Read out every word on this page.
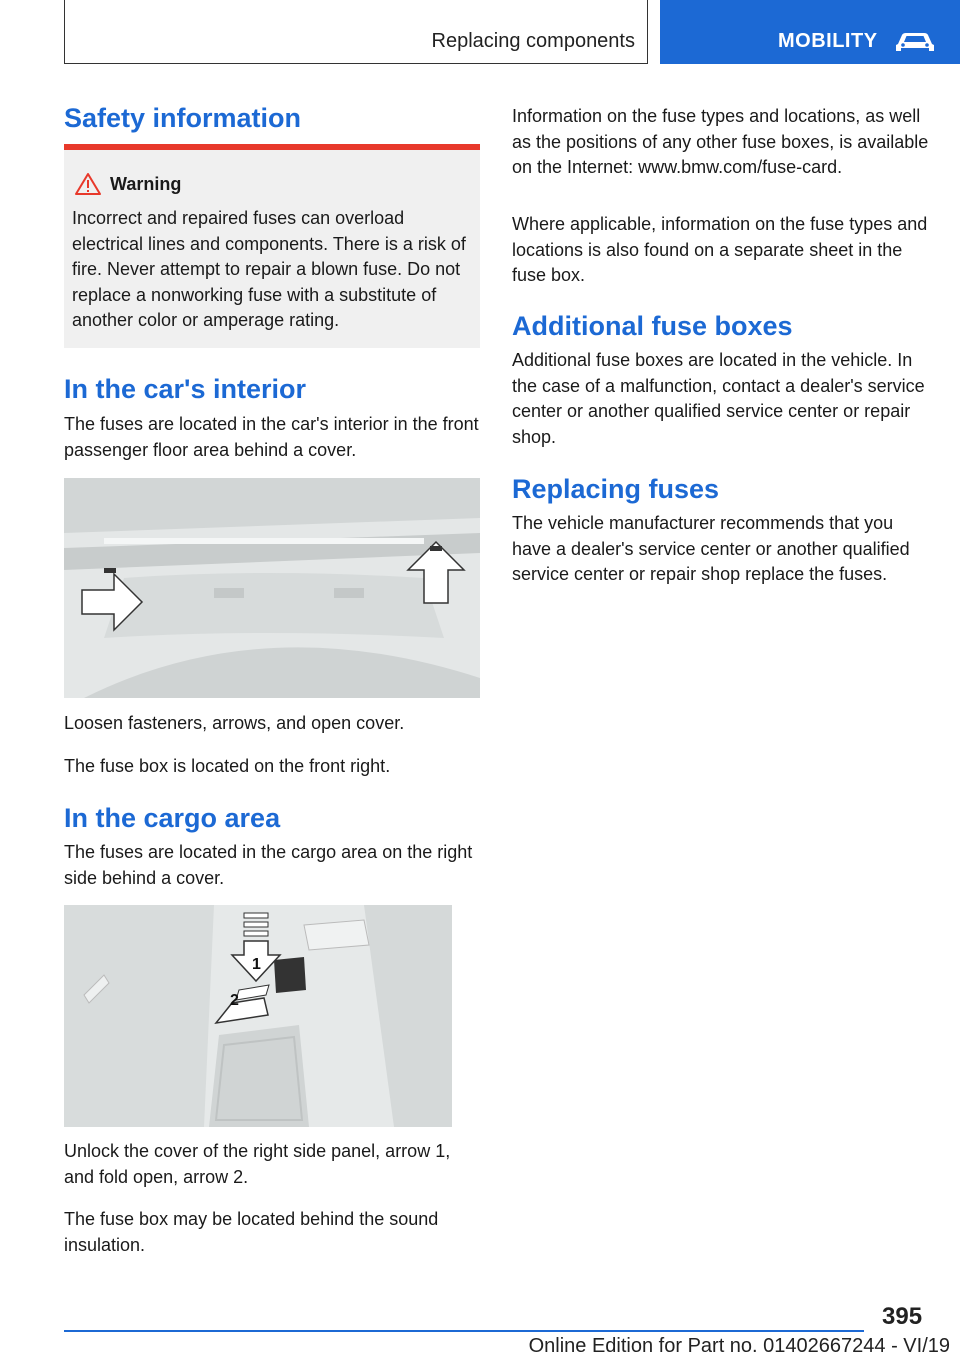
Replacing components	MOBILITY
Safety information
Warning
Incorrect and repaired fuses can overload electrical lines and components. There is a risk of fire. Never attempt to repair a blown fuse. Do not replace a nonworking fuse with a substitute of another color or amperage rating.
In the car's interior

The fuses are located in the car's interior in the front passenger floor area behind a cover.

Loosen fasteners, arrows, and open cover.

The fuse box is located on the front right.

In the cargo area

The fuses are located in the cargo area on the right side behind a cover.

1
2

Unlock the cover of the right side panel, arrow 1, and fold open, arrow 2.

The fuse box may be located behind the sound insulation.

Information on the fuse types and locations, as well as the positions of any other fuse boxes, is available on the Internet: www.bmw.com/fuse-card.

Where applicable, information on the fuse types and locations is also found on a separate sheet in the fuse box.

Additional fuse boxes

Additional fuse boxes are located in the vehicle. In the case of a malfunction, contact a dealer's service center or another qualified service center or repair shop.

Replacing fuses

The vehicle manufacturer recommends that you have a dealer's service center or another qualified service center or repair shop replace the fuses.

395
Online Edition for Part no. 01402667244 - VI/19
